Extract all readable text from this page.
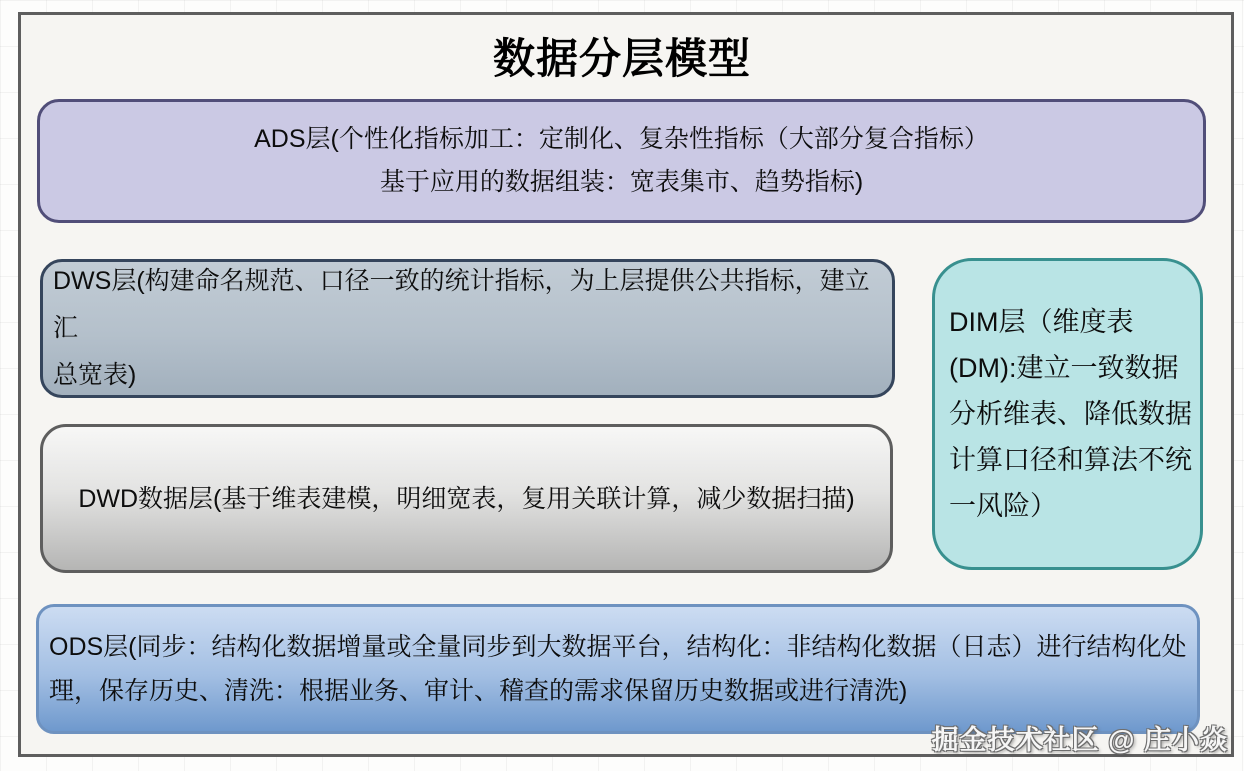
数据分层模型
ADS层(个性化指标加工：定制化、复杂性指标（大部分复合指标）
基于应用的数据组装：宽表集市、趋势指标)
DWS层(构建命名规范、口径一致的统计指标，为上层提供公共指标，建立汇
总宽表)
DIM层（维度表
(DM):建立一致数据
分析维表、降低数据
计算口径和算法不统
一风险）
DWD数据层(基于维表建模，明细宽表，复用关联计算，减少数据扫描)
ODS层(同步：结构化数据增量或全量同步到大数据平台，结构化：非结构化数据（日志）进行结构化处
理，保存历史、清洗：根据业务、审计、稽查的需求保留历史数据或进行清洗)
掘金技术社区 @ 庄小焱
